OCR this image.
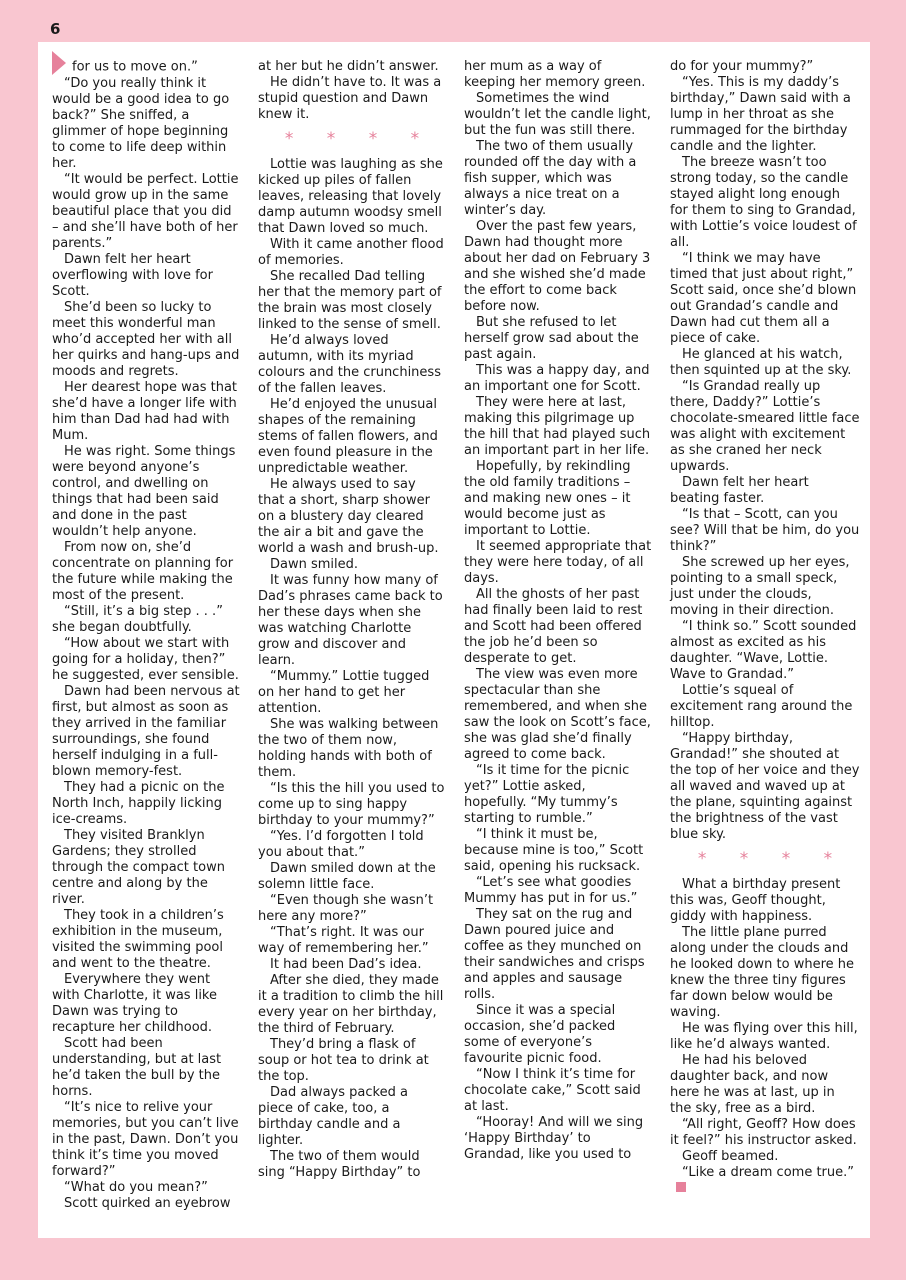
6

for us to move on.”

“Do you really think it would be a good idea to go back?” She sniffed, a glimmer of hope beginning to come to life deep within her.

“It would be perfect. Lottie would grow up in the same beautiful place that you did – and she’ll have both of her parents.”

Dawn felt her heart overflowing with love for Scott.

She’d been so lucky to meet this wonderful man who’d accepted her with all her quirks and hang-ups and moods and regrets.

Her dearest hope was that she’d have a longer life with him than Dad had had with Mum.

He was right. Some things were beyond anyone’s control, and dwelling on things that had been said and done in the past wouldn’t help anyone.

From now on, she’d concentrate on planning for the future while making the most of the present.

“Still, it’s a big step . . .” she began doubtfully.

“How about we start with going for a holiday, then?” he suggested, ever sensible.

Dawn had been nervous at first, but almost as soon as they arrived in the familiar surroundings, she found herself indulging in a full-blown memory-fest.

They had a picnic on the North Inch, happily licking ice-creams.

They visited Branklyn Gardens; they strolled through the compact town centre and along by the river.

They took in a children’s exhibition in the museum, visited the swimming pool and went to the theatre.

Everywhere they went with Charlotte, it was like Dawn was trying to recapture her childhood.

Scott had been understanding, but at last he’d taken the bull by the horns.

“It’s nice to relive your memories, but you can’t live in the past, Dawn. Don’t you think it’s time you moved forward?”

“What do you mean?”

Scott quirked an eyebrow

at her but he didn’t answer.

He didn’t have to. It was a stupid question and Dawn knew it.

* * * *

Lottie was laughing as she kicked up piles of fallen leaves, releasing that lovely damp autumn woodsy smell that Dawn loved so much.

With it came another flood of memories.

She recalled Dad telling her that the memory part of the brain was most closely linked to the sense of smell.

He’d always loved autumn, with its myriad colours and the crunchiness of the fallen leaves.

He’d enjoyed the unusual shapes of the remaining stems of fallen flowers, and even found pleasure in the unpredictable weather.

He always used to say that a short, sharp shower on a blustery day cleared the air a bit and gave the world a wash and brush-up.

Dawn smiled.

It was funny how many of Dad’s phrases came back to her these days when she was watching Charlotte grow and discover and learn.

“Mummy.” Lottie tugged on her hand to get her attention.

She was walking between the two of them now, holding hands with both of them.

“Is this the hill you used to come up to sing happy birthday to your mummy?”

“Yes. I’d forgotten I told you about that.”

Dawn smiled down at the solemn little face.

“Even though she wasn’t here any more?”

“That’s right. It was our way of remembering her.”

It had been Dad’s idea.

After she died, they made it a tradition to climb the hill every year on her birthday, the third of February.

They’d bring a flask of soup or hot tea to drink at the top.

Dad always packed a piece of cake, too, a birthday candle and a lighter.

The two of them would sing “Happy Birthday” to

her mum as a way of keeping her memory green.

Sometimes the wind wouldn’t let the candle light, but the fun was still there.

The two of them usually rounded off the day with a fish supper, which was always a nice treat on a winter’s day.

Over the past few years, Dawn had thought more about her dad on February 3 and she wished she’d made the effort to come back before now.

But she refused to let herself grow sad about the past again.

This was a happy day, and an important one for Scott.

They were here at last, making this pilgrimage up the hill that had played such an important part in her life.

Hopefully, by rekindling the old family traditions – and making new ones – it would become just as important to Lottie.

It seemed appropriate that they were here today, of all days.

All the ghosts of her past had finally been laid to rest and Scott had been offered the job he’d been so desperate to get.

The view was even more spectacular than she remembered, and when she saw the look on Scott’s face, she was glad she’d finally agreed to come back.

“Is it time for the picnic yet?” Lottie asked, hopefully. “My tummy’s starting to rumble.”

“I think it must be, because mine is too,” Scott said, opening his rucksack.

“Let’s see what goodies Mummy has put in for us.”

They sat on the rug and Dawn poured juice and coffee as they munched on their sandwiches and crisps and apples and sausage rolls.

Since it was a special occasion, she’d packed some of everyone’s favourite picnic food.

“Now I think it’s time for chocolate cake,” Scott said at last.

“Hooray! And will we sing ‘Happy Birthday’ to Grandad, like you used to

do for your mummy?”

“Yes. This is my daddy’s birthday,” Dawn said with a lump in her throat as she rummaged for the birthday candle and the lighter.

The breeze wasn’t too strong today, so the candle stayed alight long enough for them to sing to Grandad, with Lottie’s voice loudest of all.

“I think we may have timed that just about right,” Scott said, once she’d blown out Grandad’s candle and Dawn had cut them all a piece of cake.

He glanced at his watch, then squinted up at the sky.

“Is Grandad really up there, Daddy?” Lottie’s chocolate-smeared little face was alight with excitement as she craned her neck upwards.

Dawn felt her heart beating faster.

“Is that – Scott, can you see? Will that be him, do you think?”

She screwed up her eyes, pointing to a small speck, just under the clouds, moving in their direction.

“I think so.” Scott sounded almost as excited as his daughter. “Wave, Lottie. Wave to Grandad.”

Lottie’s squeal of excitement rang around the hilltop.

“Happy birthday, Grandad!” she shouted at the top of her voice and they all waved and waved up at the plane, squinting against the brightness of the vast blue sky.

* * * *

What a birthday present this was, Geoff thought, giddy with happiness.

The little plane purred along under the clouds and he looked down to where he knew the three tiny figures far down below would be waving.

He was flying over this hill, like he’d always wanted.

He had his beloved daughter back, and now here he was at last, up in the sky, free as a bird.

“All right, Geoff? How does it feel?” his instructor asked.

Geoff beamed.

“Like a dream come true.”
